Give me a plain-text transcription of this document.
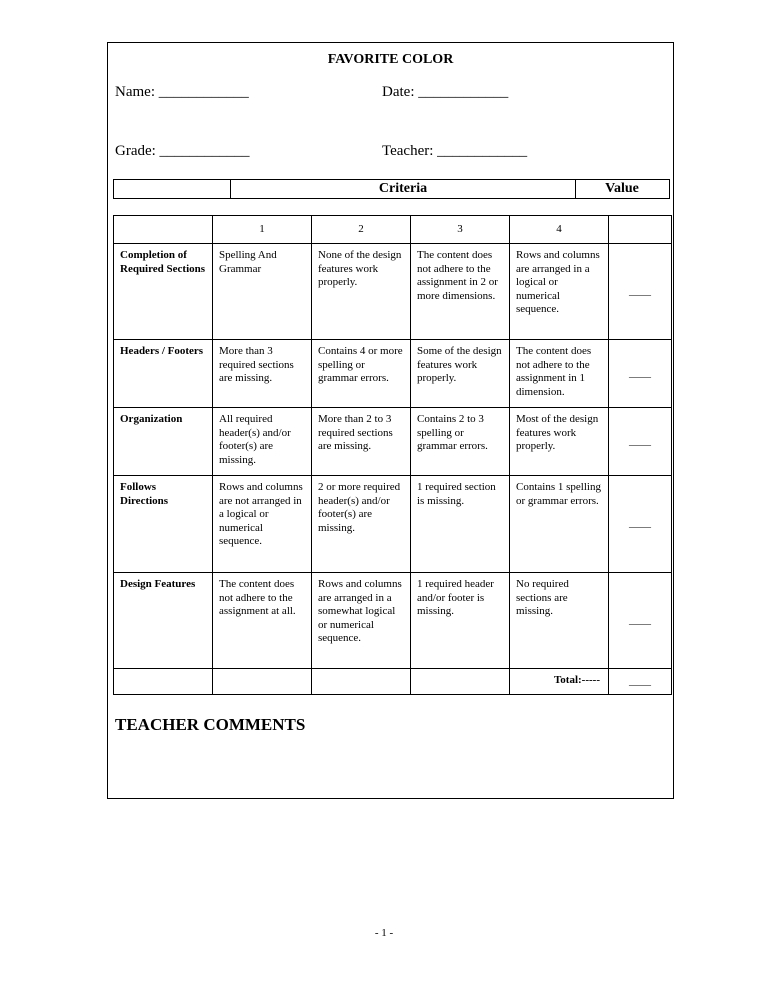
FAVORITE COLOR
Name: ____________	Date: ____________
Grade: ____________	Teacher: ____________
Criteria	Value
	1	2	3	4	
Completion of Required Sections	Spelling And Grammar	None of the design features work properly.	The content does not adhere to the assignment in 2 or more dimensions.	Rows and columns are arranged in a logical or numerical sequence.	____
Headers / Footers	More than 3 required sections are missing.	Contains 4 or more spelling or grammar errors.	Some of the design features work properly.	The content does not adhere to the assignment in 1 dimension.	____
Organization	All required header(s) and/or footer(s) are missing.	More than 2 to 3 required sections are missing.	Contains 2 to 3 spelling or grammar errors.	Most of the design features work properly.	____
Follows Directions	Rows and columns are not arranged in a logical or numerical sequence.	2 or more required header(s) and/or footer(s) are missing.	1 required section is missing.	Contains 1 spelling or grammar errors.	____
Design Features	The content does not adhere to the assignment at all.	Rows and columns are arranged in a somewhat logical or numerical sequence.	1 required header and/or footer is missing.	No required sections are missing.	____
				Total:-----	____
TEACHER COMMENTS
- 1 -
